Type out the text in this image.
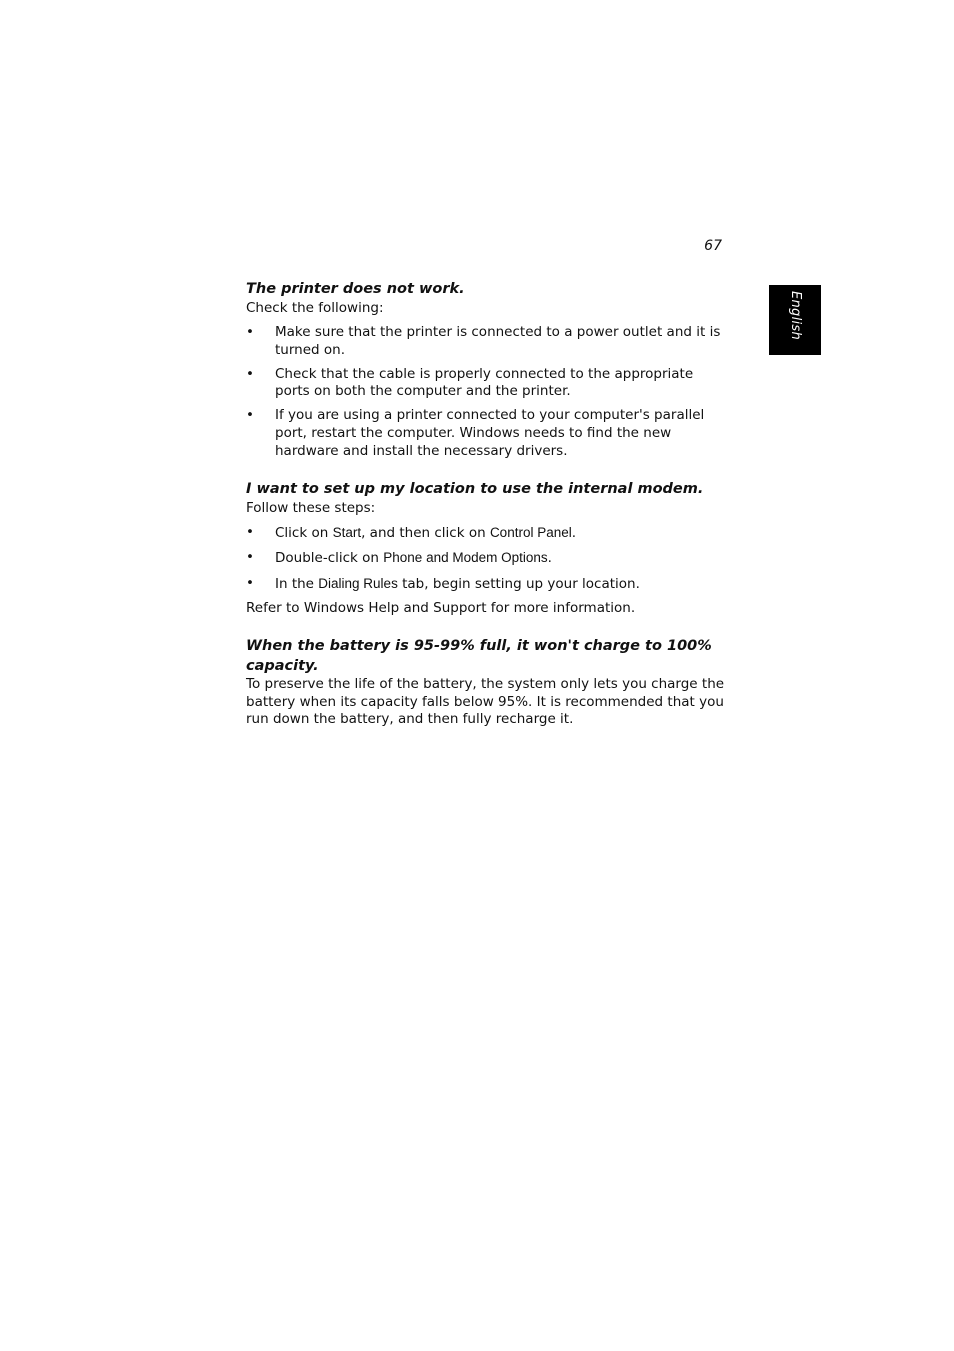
67
English
The printer does not work.

Check the following:

• Make sure that the printer is connected to a power outlet and it is turned on.
• Check that the cable is properly connected to the appropriate ports on both the computer and the printer.
• If you are using a printer connected to your computer's parallel port, restart the computer. Windows needs to find the new hardware and install the necessary drivers.
I want to set up my location to use the internal modem.

Follow these steps:

• Click on Start, and then click on Control Panel.
• Double-click on Phone and Modem Options.
• In the Dialing Rules tab, begin setting up your location.

Refer to Windows Help and Support for more information.

When the battery is 95-99% full, it won't charge to 100% capacity.

To preserve the life of the battery, the system only lets you charge the battery when its capacity falls below 95%. It is recommended that you run down the battery, and then fully recharge it.
